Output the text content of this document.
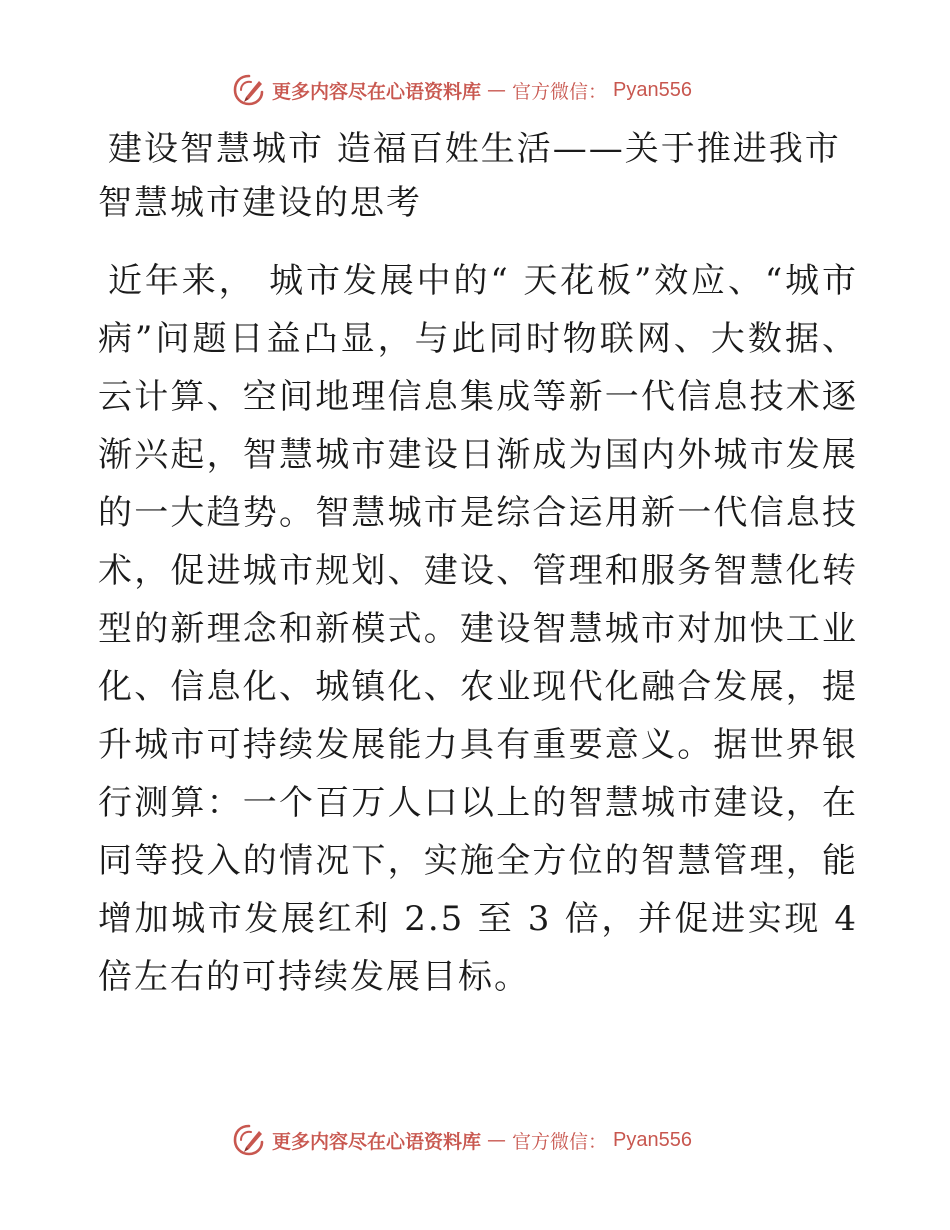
更多内容尽在心语资料库 — 官方微信： Pyan556
建设智慧城市 造福百姓生活——关于推进我市智慧城市建设的思考

近年来， 城市发展中的“ 天花板”效应、“城市病”问题日益凸显，与此同时物联网、大数据、云计算、空间地理信息集成等新一代信息技术逐渐兴起，智慧城市建设日渐成为国内外城市发展的一大趋势。智慧城市是综合运用新一代信息技术，促进城市规划、建设、管理和服务智慧化转型的新理念和新模式。建设智慧城市对加快工业化、信息化、城镇化、农业现代化融合发展，提升城市可持续发展能力具有重要意义。据世界银行测算：一个百万人口以上的智慧城市建设，在同等投入的情况下，实施全方位的智慧管理，能增加城市发展红利 2.5 至 3 倍，并促进实现 4 倍左右的可持续发展目标。

更多内容尽在心语资料库 — 官方微信： Pyan556
